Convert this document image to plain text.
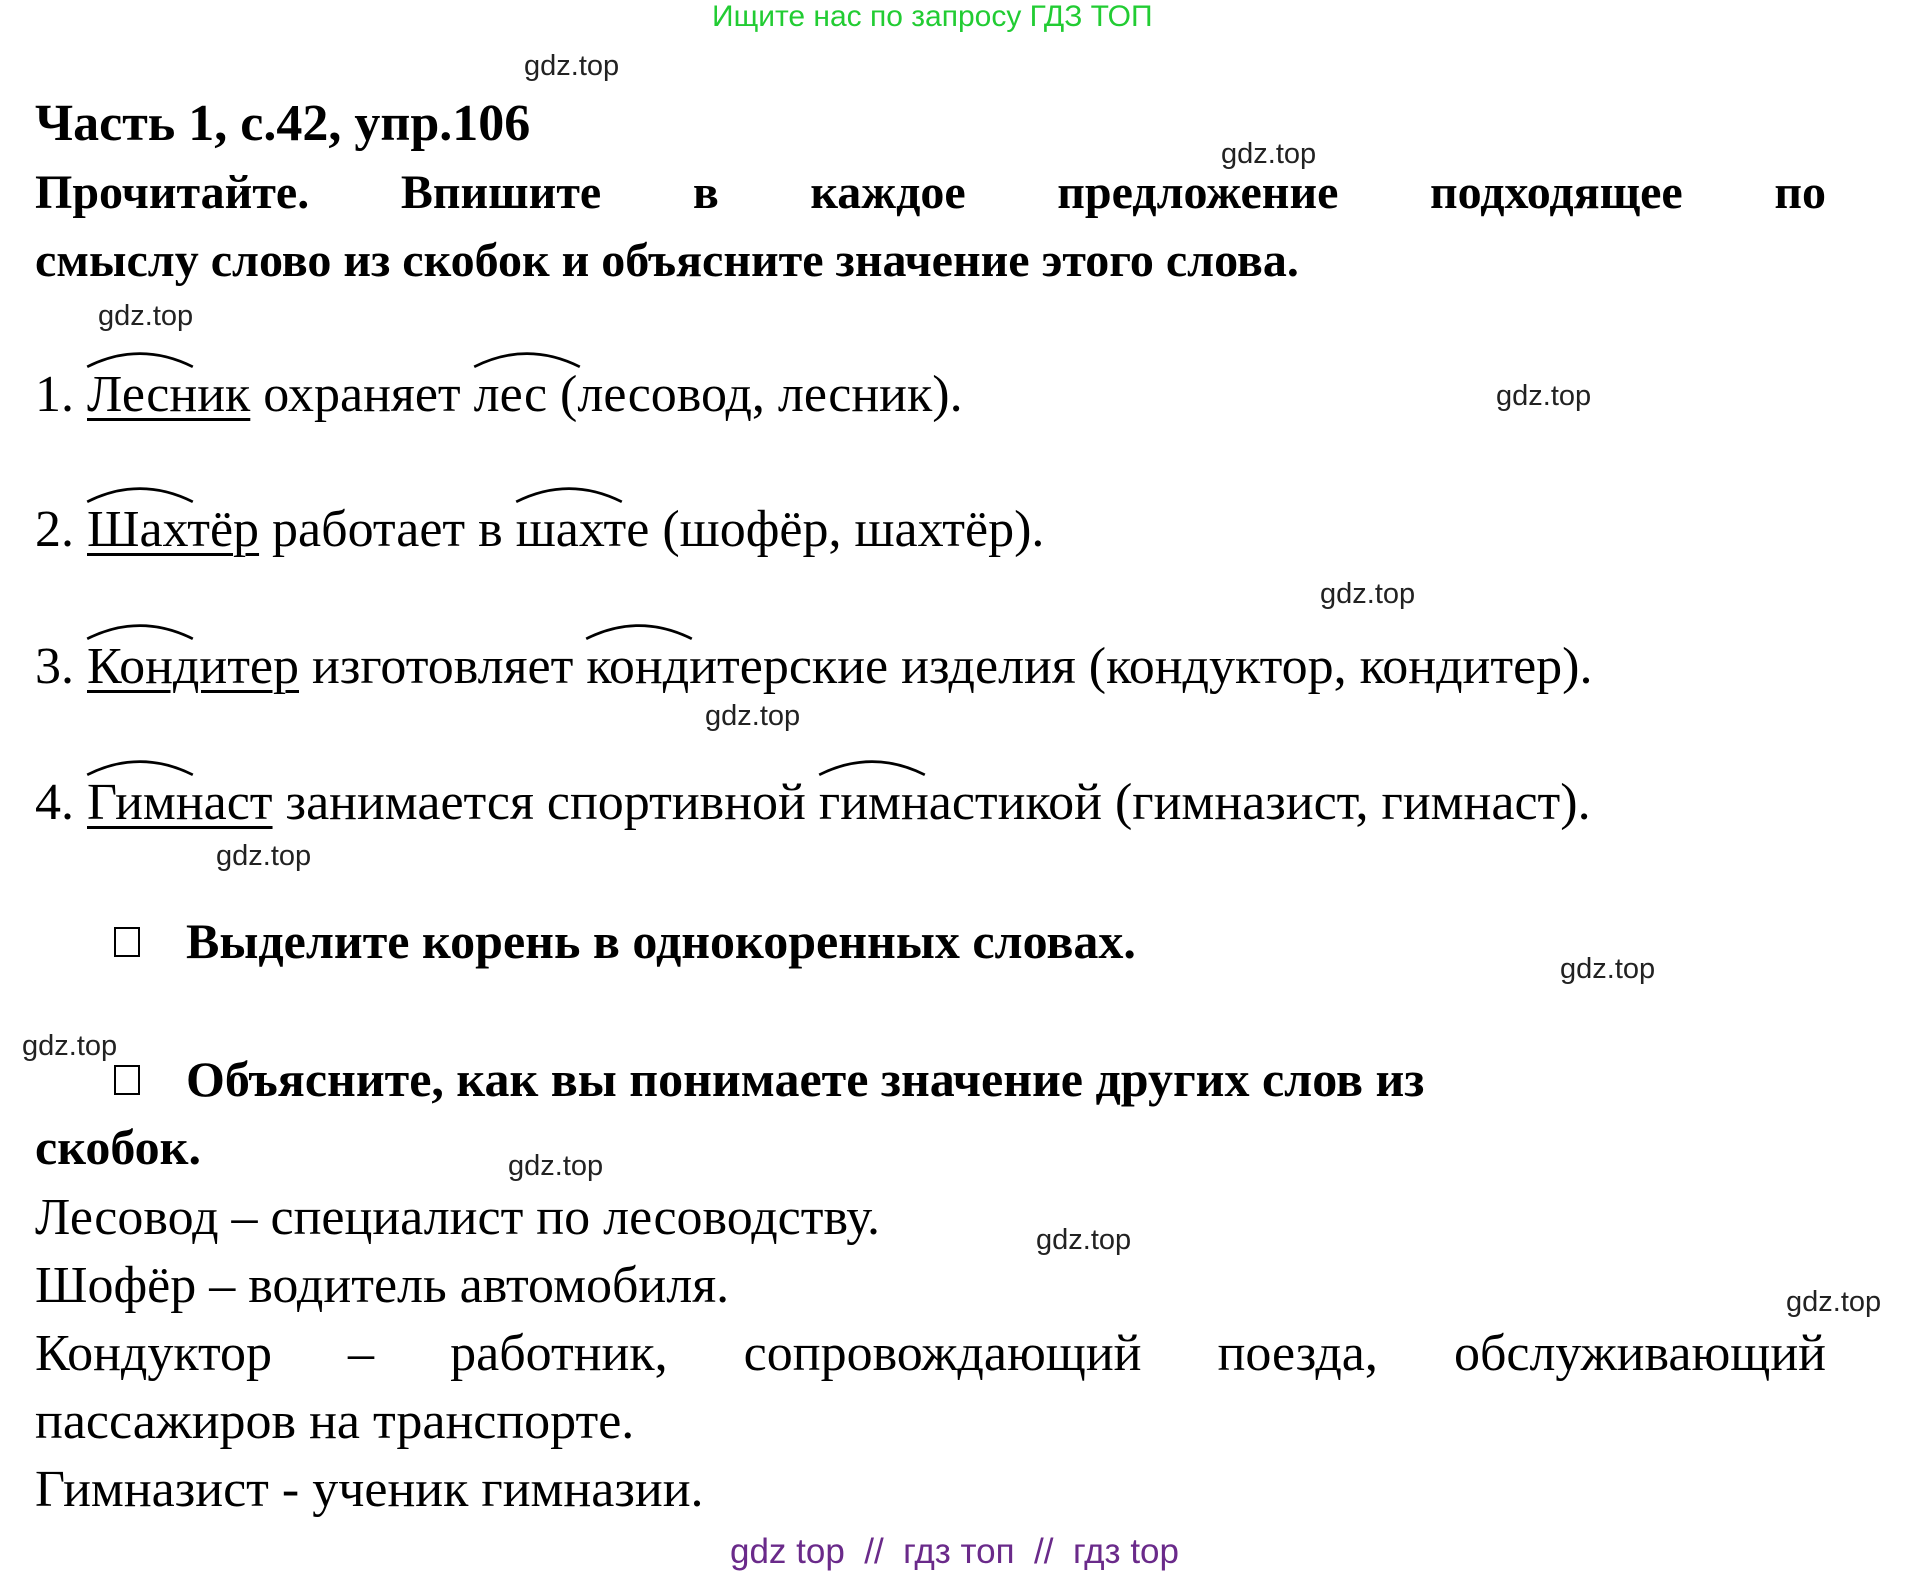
Ищите нас по запросу ГДЗ ТОП
gdz.top
gdz.top
gdz.top
gdz.top
gdz.top
gdz.top
gdz.top
gdz.top
gdz.top
gdz.top
gdz.top
gdz.top
Часть 1, с.42, упр.106
Прочитайте. Впишите в каждое предложение подходящее по
смыслу слово из скобок и объясните значение этого слова.
1. Лесник охраняет лес (лесовод, лесник).
2. Шахтёр работает в шахте (шофёр, шахтёр).
3. Кондитер изготовляет кондитерские изделия (кондуктор, кондитер).
4. Гимнаст занимается спортивной гимнастикой (гимназист, гимнаст).
Выделите корень в однокоренных словах.
Объясните, как вы понимаете значение других слов из
скобок.
Лесовод – специалист по лесоводству.
Шофёр – водитель автомобиля.
Кондуктор – работник, сопровождающий поезда, обслуживающий
пассажиров на транспорте.
Гимназист - ученик гимназии.
gdz top  //  гдз топ  //  гдз top
